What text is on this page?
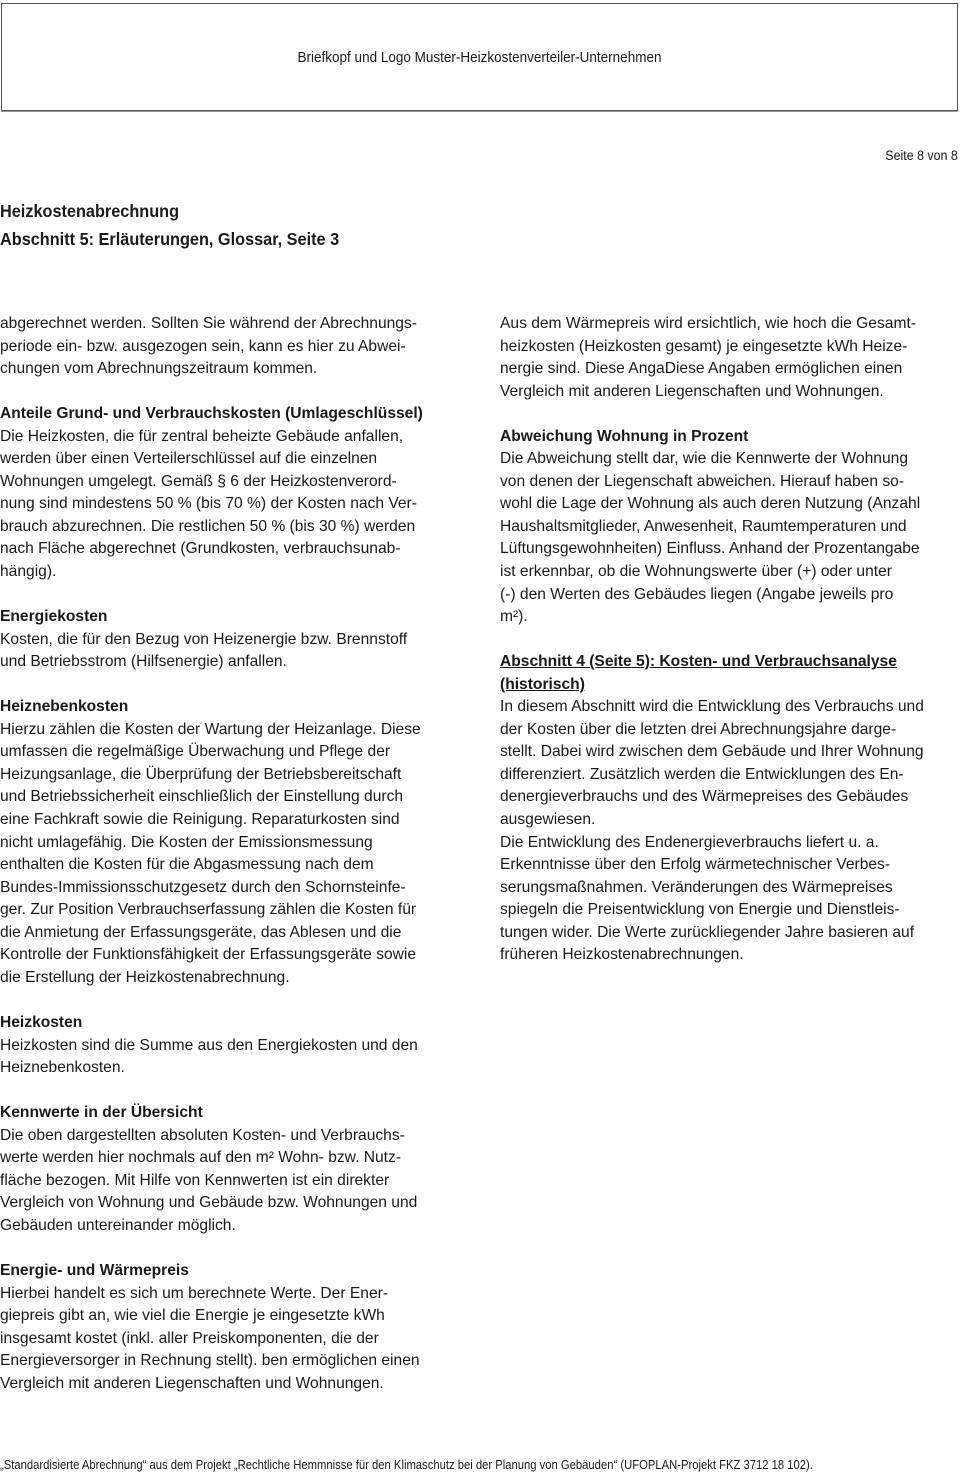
Briefkopf und Logo Muster-Heizkostenverteiler-Unternehmen
Seite 8 von 8
Heizkostenabrechnung
Abschnitt 5: Erläuterungen, Glossar, Seite 3
abgerechnet werden. Sollten Sie während der Abrechnungs-
periode ein- bzw. ausgezogen sein, kann es hier zu Abwei-
chungen vom Abrechnungszeitraum kommen.
Anteile Grund- und Verbrauchskosten (Umlageschlüssel)
Die Heizkosten, die für zentral beheizte Gebäude anfallen,
werden über einen Verteilerschlüssel auf die einzelnen
Wohnungen umgelegt. Gemäß § 6 der Heizkostenverord-
nung sind mindestens 50 % (bis 70 %) der Kosten nach Ver-
brauch abzurechnen. Die restlichen 50 % (bis 30 %) werden
nach Fläche abgerechnet (Grundkosten, verbrauchsunab-
hängig).
Energiekosten
Kosten, die für den Bezug von Heizenergie bzw. Brennstoff
und Betriebsstrom (Hilfsenergie) anfallen.
Heiznebenkosten
Hierzu zählen die Kosten der Wartung der Heizanlage. Diese
umfassen die regelmäßige Überwachung und Pflege der
Heizungsanlage, die Überprüfung der Betriebsbereitschaft
und Betriebssicherheit einschließlich der Einstellung durch
eine Fachkraft sowie die Reinigung. Reparaturkosten sind
nicht umlagefähig. Die Kosten der Emissionsmessung
enthalten die Kosten für die Abgasmessung nach dem
Bundes-Immissionsschutzgesetz durch den Schornsteinfe-
ger. Zur Position Verbrauchserfassung zählen die Kosten für
die Anmietung der Erfassungsgeräte, das Ablesen und die
Kontrolle der Funktionsfähigkeit der Erfassungsgeräte sowie
die Erstellung der Heizkostenabrechnung.
Heizkosten
Heizkosten sind die Summe aus den Energiekosten und den
Heiznebenkosten.
Kennwerte in der Übersicht
Die oben dargestellten absoluten Kosten- und Verbrauchs-
werte werden hier nochmals auf den m² Wohn- bzw. Nutz-
fläche bezogen. Mit Hilfe von Kennwerten ist ein direkter
Vergleich von Wohnung und Gebäude bzw. Wohnungen und
Gebäuden untereinander möglich.
Energie- und Wärmepreis
Hierbei handelt es sich um berechnete Werte. Der Ener-
giepreis gibt an, wie viel die Energie je eingesetzte kWh
insgesamt kostet (inkl. aller Preiskomponenten, die der
Energieversorger in Rechnung stellt). ben ermöglichen einen
Vergleich mit anderen Liegenschaften und Wohnungen.
Aus dem Wärmepreis wird ersichtlich, wie hoch die Gesamt-
heizkosten (Heizkosten gesamt) je eingesetzte kWh Heize-
nergie sind. Diese AngaDiese Angaben ermöglichen einen
Vergleich mit anderen Liegenschaften und Wohnungen.
Abweichung Wohnung in Prozent
Die Abweichung stellt dar, wie die Kennwerte der Wohnung
von denen der Liegenschaft abweichen. Hierauf haben so-
wohl die Lage der Wohnung als auch deren Nutzung (Anzahl
Haushaltsmitglieder, Anwesenheit, Raumtemperaturen und
Lüftungsgewohnheiten) Einfluss. Anhand der Prozentangabe
ist erkennbar, ob die Wohnungswerte über (+) oder unter
(-) den Werten des Gebäudes liegen (Angabe jeweils pro
m²).
Abschnitt 4 (Seite 5): Kosten- und Verbrauchsanalyse
(historisch)
In diesem Abschnitt wird die Entwicklung des Verbrauchs und
der Kosten über die letzten drei Abrechnungsjahre darge-
stellt. Dabei wird zwischen dem Gebäude und Ihrer Wohnung
differenziert. Zusätzlich werden die Entwicklungen des En-
denergieverbrauchs und des Wärmepreises des Gebäudes
ausgewiesen.
Die Entwicklung des Endenergieverbrauchs liefert u. a.
Erkenntnisse über den Erfolg wärmetechnischer Verbes-
serungsmaßnahmen. Veränderungen des Wärmepreises
spiegeln die Preisentwicklung von Energie und Dienstleis-
tungen wider. Die Werte zurückliegender Jahre basieren auf
früheren Heizkostenabrechnungen.
„Standardisierte Abrechnung“ aus dem Projekt „Rechtliche Hemmnisse für den Klimaschutz bei der Planung von Gebäuden“ (UFOPLAN-Projekt FKZ 3712 18 102).
